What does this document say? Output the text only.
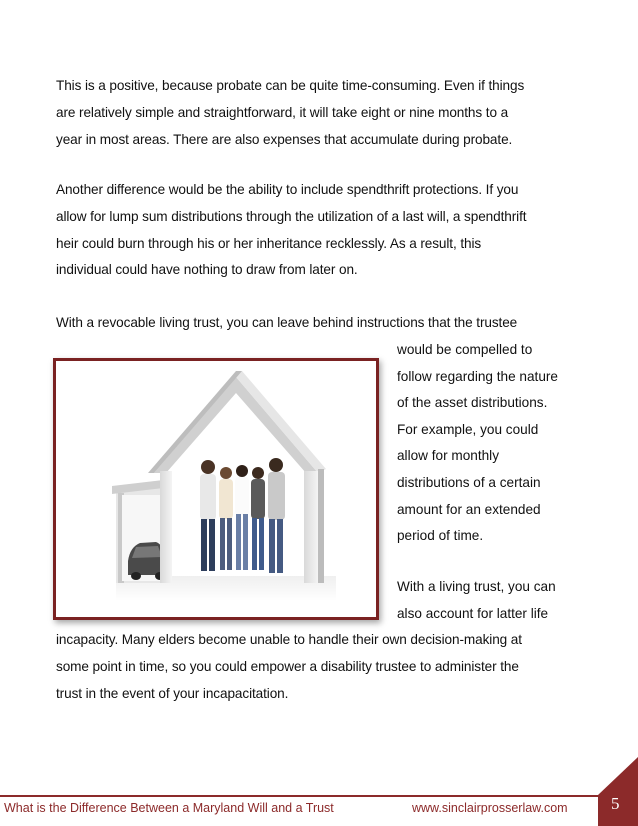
This is a positive, because probate can be quite time-consuming. Even if things
are relatively simple and straightforward, it will take eight or nine months to a
year in most areas. There are also expenses that accumulate during probate.

Another difference would be the ability to include spendthrift protections. If you
allow for lump sum distributions through the utilization of a last will, a spendthrift
heir could burn through his or her inheritance recklessly. As a result, this
individual could have nothing to draw from later on.

With a revocable living trust, you can leave behind instructions that the trustee

would be compelled to
follow regarding the nature
of the asset distributions.
For example, you could
allow for monthly
distributions of a certain
amount for an extended
period of time.

With a living trust, you can
also account for latter life

incapacity. Many elders become unable to handle their own decision-making at
some point in time, so you could empower a disability trustee to administer the
trust in the event of your incapacitation.

What is the Difference Between a Maryland Will and a Trust	www.sinclairprosserlaw.com	5
